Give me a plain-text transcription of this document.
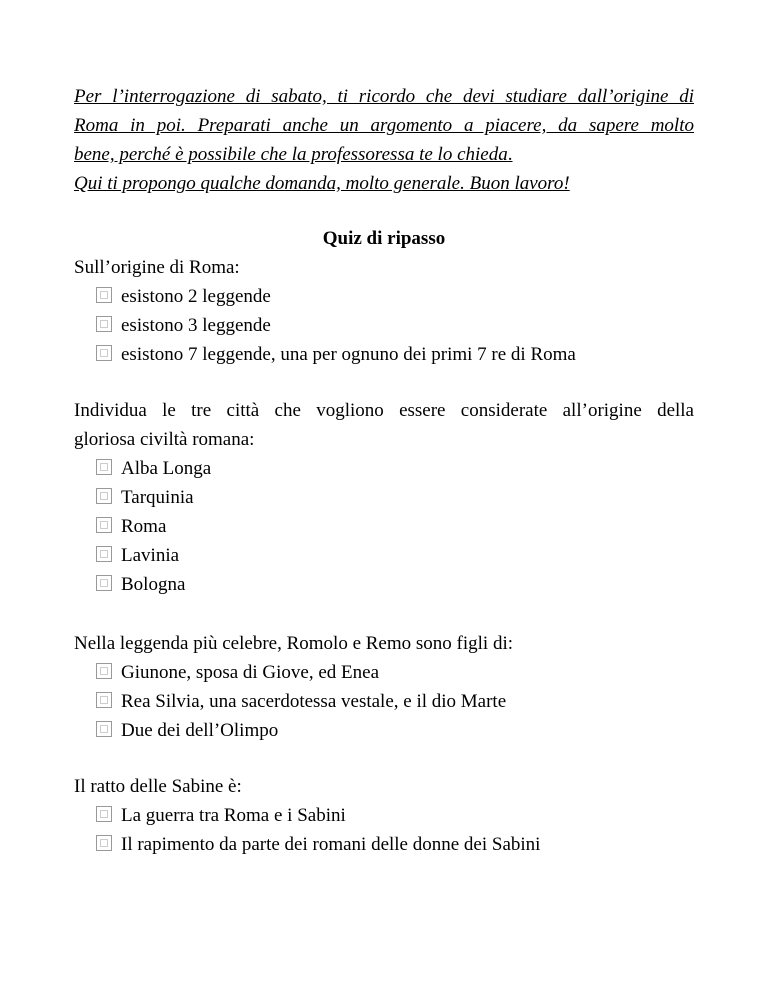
Per l’interrogazione di sabato, ti ricordo che devi studiare dall’origine di
Roma in poi. Preparati anche un argomento a piacere, da sapere molto
bene, perché è possibile che la professoressa te lo chieda.
Qui ti propongo qualche domanda, molto generale. Buon lavoro!
Quiz di ripasso
Sull’origine di Roma:
esistono 2 leggende
esistono 3 leggende
esistono 7 leggende, una per ognuno dei primi 7 re di Roma
Individua le tre città che vogliono essere considerate all’origine della
gloriosa civiltà romana:
Alba Longa
Tarquinia
Roma
Lavinia
Bologna
Nella leggenda più celebre, Romolo e Remo sono figli di:
Giunone, sposa di Giove, ed Enea
Rea Silvia, una sacerdotessa vestale, e il dio Marte
Due dei dell’Olimpo
Il ratto delle Sabine è:
La guerra tra Roma e i Sabini
Il rapimento da parte dei romani delle donne dei Sabini
